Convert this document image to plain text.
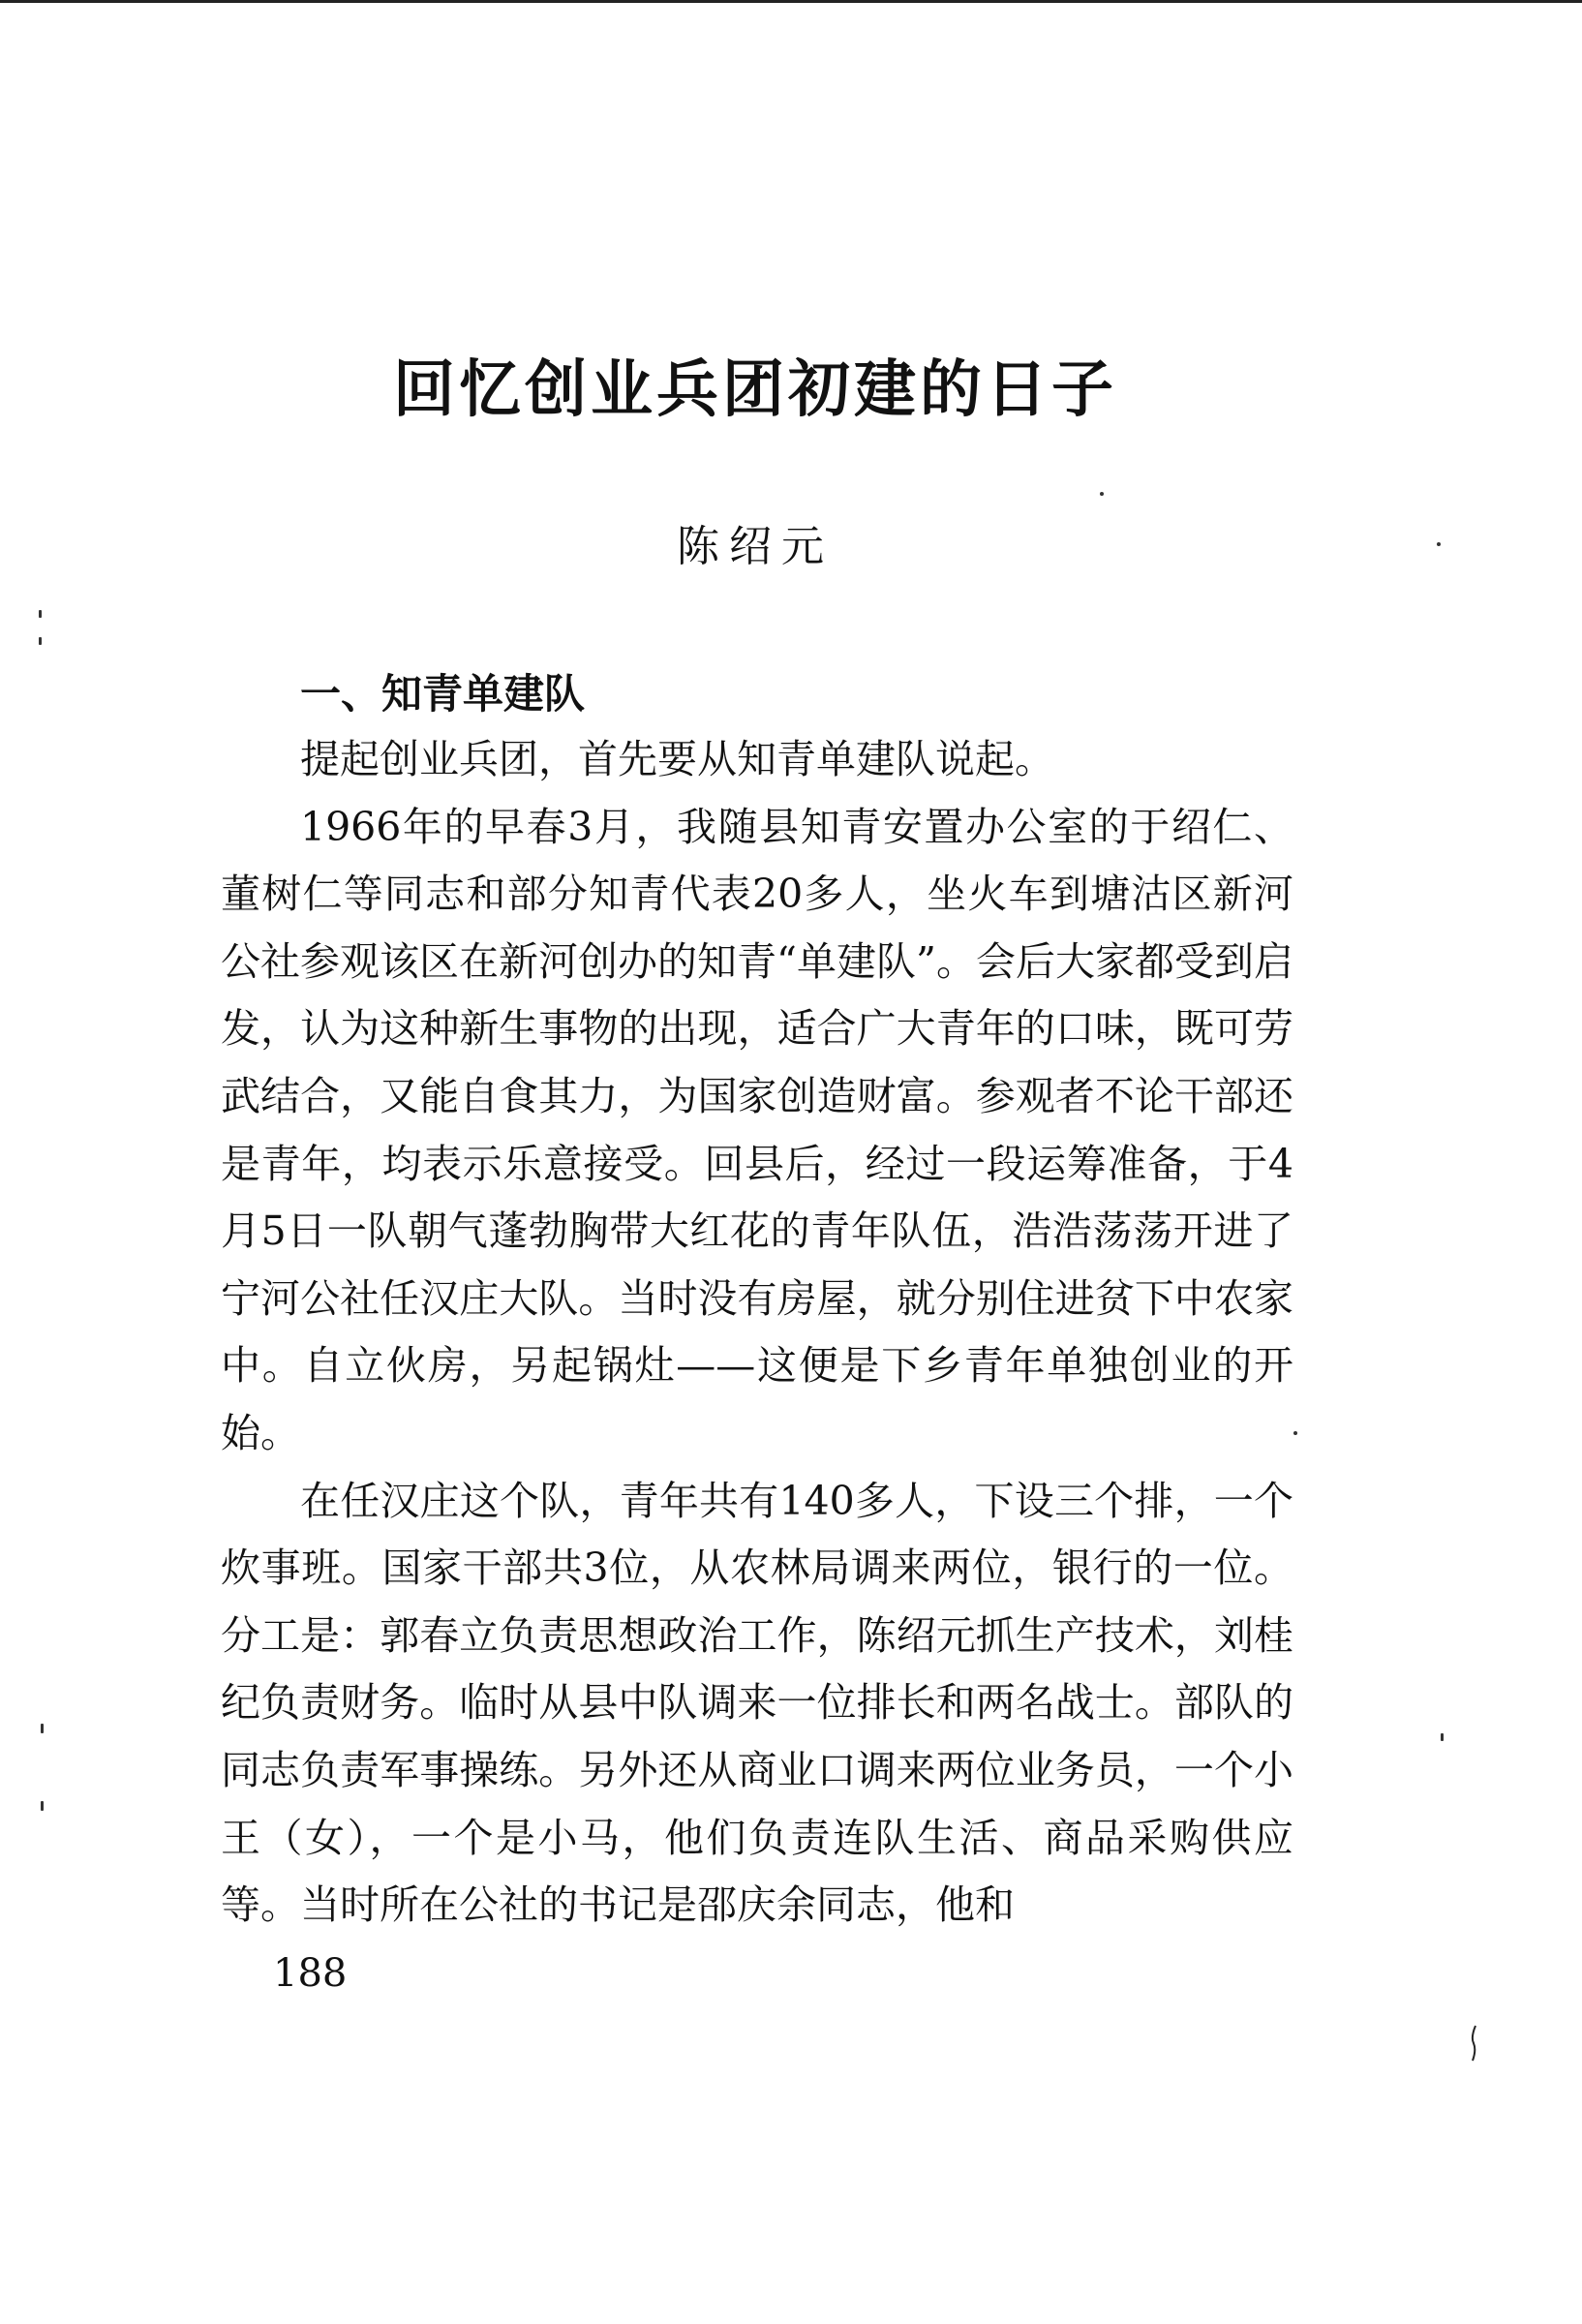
回忆创业兵团初建的日子
陈绍元
一、知青单建队

提起创业兵团，首先要从知青单建队说起。

1966年的早春3月，我随县知青安置办公室的于绍仁、董树仁等同志和部分知青代表20多人，坐火车到塘沽区新河公社参观该区在新河创办的知青“单建队”。会后大家都受到启发，认为这种新生事物的出现，适合广大青年的口味，既可劳武结合，又能自食其力，为国家创造财富。参观者不论干部还是青年，均表示乐意接受。回县后，经过一段运筹准备，于4月5日一队朝气蓬勃胸带大红花的青年队伍，浩浩荡荡开进了宁河公社任汉庄大队。当时没有房屋，就分别住进贫下中农家中。自立伙房，另起锅灶——这便是下乡青年单独创业的开始。

在任汉庄这个队，青年共有140多人，下设三个排，一个炊事班。国家干部共3位，从农林局调来两位，银行的一位。分工是：郭春立负责思想政治工作，陈绍元抓生产技术，刘桂纪负责财务。临时从县中队调来一位排长和两名战士。部队的同志负责军事操练。另外还从商业口调来两位业务员，一个小王（女），一个是小马，他们负责连队生活、商品采购供应等。当时所在公社的书记是邵庆余同志，他和

188
